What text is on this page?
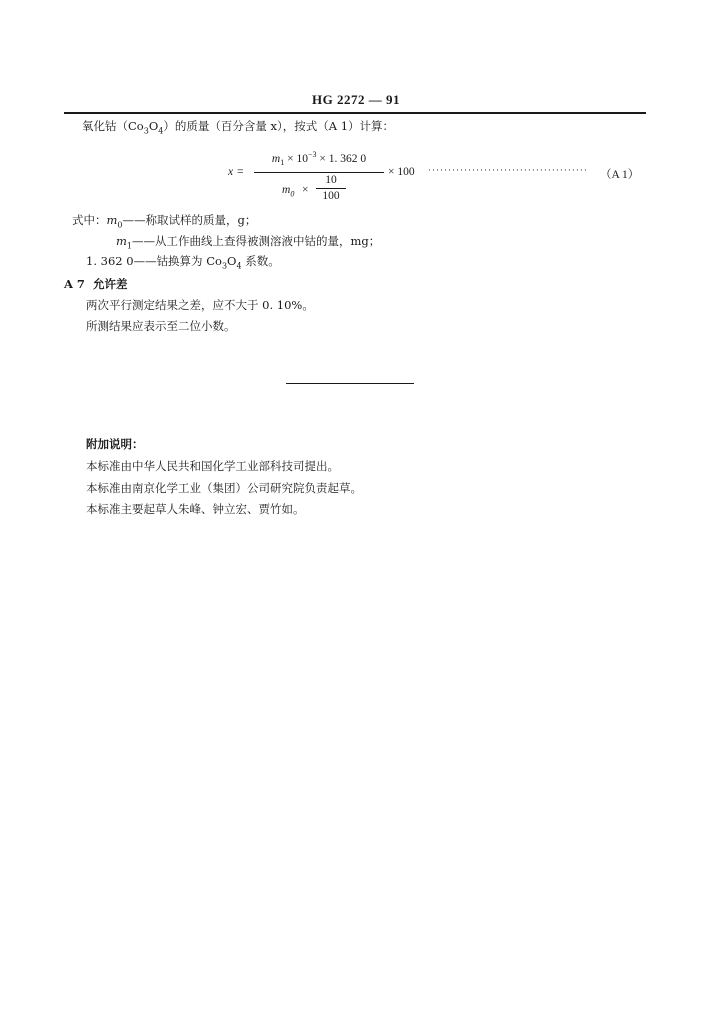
HG 2272 — 91
氧化钴$(Co_3O_4)$的质量（百分含量 x），按式（A 1）计算：
x =
$m_1 \times 10^{-3} \times 1$. 362 0
$m_0$ ×
10
100
× 100 ········································ （A 1）
式中：$m_0——$称取试样的质量，g；
$m_1——$从工作曲线上查得被测溶液中钴的量，mg；
1. 362 0——钴换算为 $Co_3O_4$ 系数。
A 7 允许差
两次平行测定结果之差，应不大于 0. 10%。
所测结果应表示至二位小数。
附加说明：
本标准由中华人民共和国化学工业部科技司提出。
本标准由南京化学工业（集团）公司研究院负责起草。
本标准主要起草人朱峰、钟立宏、贾竹如。
